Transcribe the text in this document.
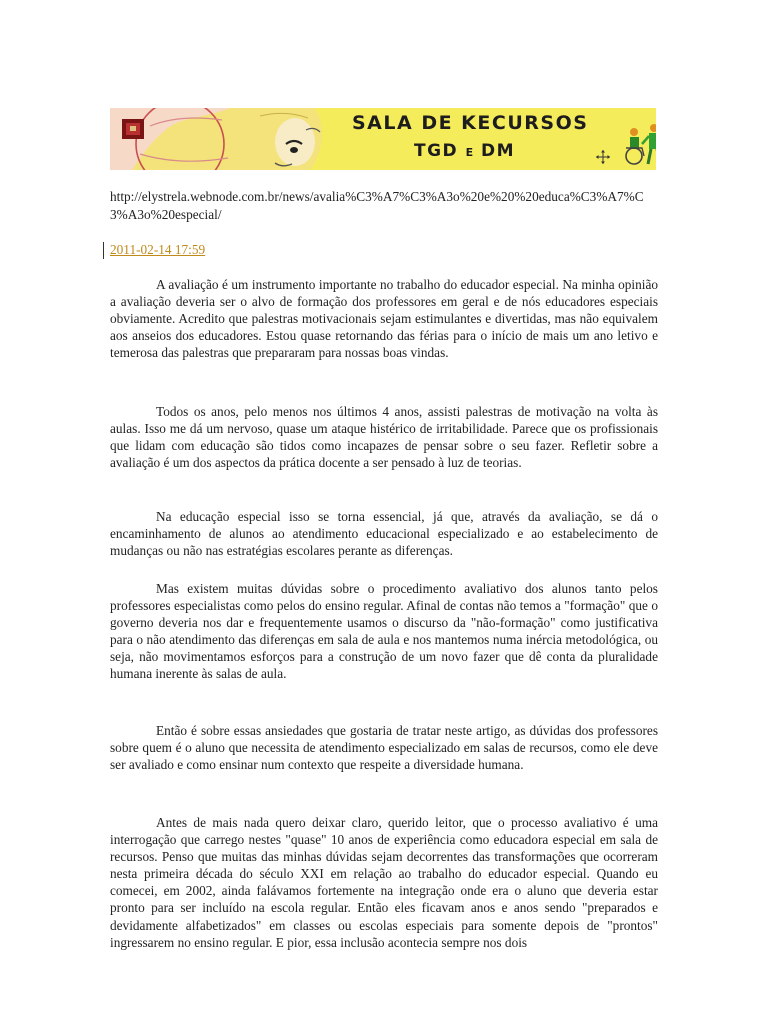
SALA DE KECURSOS
TGD E DM
http://elystrela.webnode.com.br/news/avalia%C3%A7%C3%A3o%20e%20%20educa%C3%A7%C3%A3o%20especial/
2011-02-14 17:59

A avaliação é um instrumento importante no trabalho do educador especial. Na minha opinião a avaliação deveria ser o alvo de formação dos professores em geral e de nós educadores especiais obviamente. Acredito que palestras motivacionais sejam estimulantes e divertidas, mas não equivalem aos anseios dos educadores. Estou quase retornando das férias para o início de mais um ano letivo e temerosa das palestras que prepararam para nossas boas vindas.

Todos os anos, pelo menos nos últimos 4 anos, assisti palestras de motivação na volta às aulas. Isso me dá um nervoso, quase um ataque histérico de irritabilidade. Parece que os profissionais que lidam com educação são tidos como incapazes de pensar sobre o seu fazer. Refletir sobre a avaliação é um dos aspectos da prática docente a ser pensado à luz de teorias.

Na educação especial isso se torna essencial, já que, através da avaliação, se dá o encaminhamento de alunos ao atendimento educacional especializado e ao estabelecimento de mudanças ou não nas estratégias escolares perante as diferenças.

Mas existem muitas dúvidas sobre o procedimento avaliativo dos alunos tanto pelos professores especialistas como pelos do ensino regular. Afinal de contas não temos a "formação" que o governo deveria nos dar e frequentemente usamos o discurso da "não-formação" como justificativa para o não atendimento das diferenças em sala de aula e nos mantemos numa inércia metodológica, ou seja, não movimentamos esforços para a construção de um novo fazer que dê conta da pluralidade humana inerente às salas de aula.

Então é sobre essas ansiedades que gostaria de tratar neste artigo, as dúvidas dos professores sobre quem é o aluno que necessita de atendimento especializado em salas de recursos, como ele deve ser avaliado e como ensinar num contexto que respeite a diversidade humana.

Antes de mais nada quero deixar claro, querido leitor, que o processo avaliativo é uma interrogação que carrego nestes "quase" 10 anos de experiência como educadora especial em sala de recursos. Penso que muitas das minhas dúvidas sejam decorrentes das transformações que ocorreram nesta primeira década do século XXI em relação ao trabalho do educador especial. Quando eu comecei, em 2002, ainda falávamos fortemente na integração onde era o aluno que deveria estar pronto para ser incluído na escola regular. Então eles ficavam anos e anos sendo "preparados e devidamente alfabetizados" em classes ou escolas especiais para somente depois de "prontos" ingressarem no ensino regular. E pior, essa inclusão acontecia sempre nos dois
